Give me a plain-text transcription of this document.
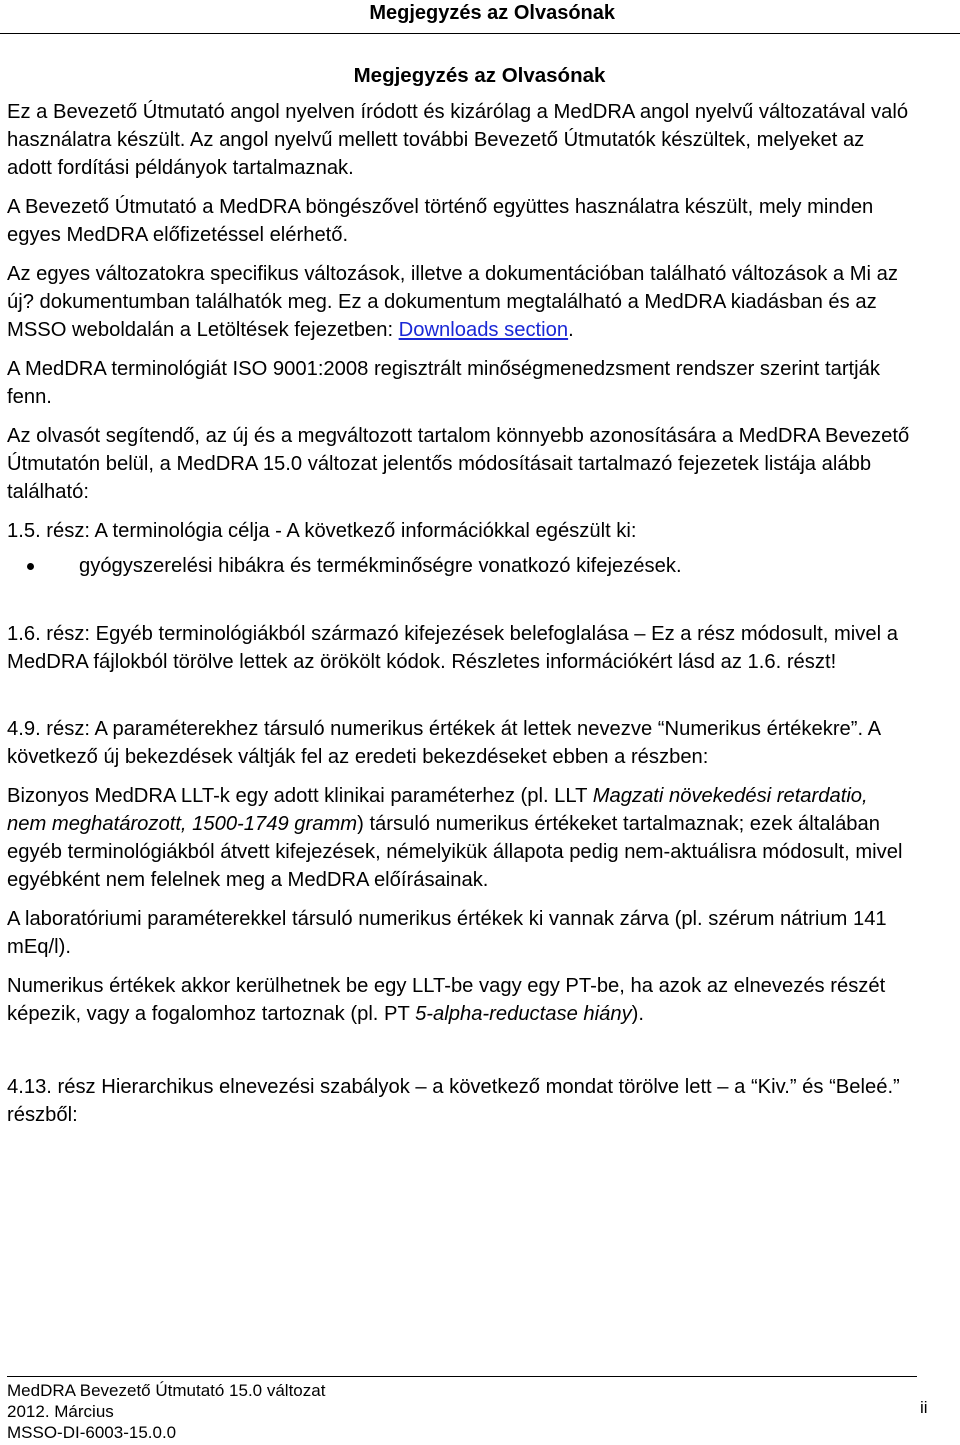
Megjegyzés az Olvasónak
Megjegyzés az Olvasónak

Ez a Bevezető Útmutató angol nyelven íródott és kizárólag a MedDRA angol nyelvű változatával való használatra készült. Az angol nyelvű mellett további Bevezető Útmutatók készültek, melyeket az adott fordítási példányok tartalmaznak.

A Bevezető Útmutató a MedDRA böngészővel történő együttes használatra készült, mely minden egyes MedDRA előfizetéssel elérhető.

Az egyes változatokra specifikus változások, illetve a dokumentációban található változások a Mi az új? dokumentumban találhatók meg. Ez a dokumentum megtalálható a MedDRA kiadásban és az MSSO weboldalán a Letöltések fejezetben: Downloads section.

A MedDRA terminológiát ISO 9001:2008 regisztrált minőségmenedzsment rendszer szerint tartják fenn.

Az olvasót segítendő, az új és a megváltozott tartalom könnyebb azonosítására a MedDRA Bevezető Útmutatón belül, a MedDRA 15.0 változat jelentős módosításait tartalmazó fejezetek listája alább található:

1.5. rész: A terminológia célja - A következő információkkal egészült ki:

gyógyszerelési hibákra és termékminőségre vonatkozó kifejezések.

1.6. rész: Egyéb terminológiákból származó kifejezések belefoglalása – Ez a rész módosult, mivel a MedDRA fájlokból törölve lettek az örökölt kódok. Részletes információkért lásd az 1.6. részt!

4.9. rész: A paraméterekhez társuló numerikus értékek át lettek nevezve “Numerikus értékekre”. A következő új bekezdések váltják fel az eredeti bekezdéseket ebben a részben:

Bizonyos MedDRA LLT-k egy adott klinikai paraméterhez (pl. LLT Magzati növekedési retardatio, nem meghatározott, 1500-1749 gramm) társuló numerikus értékeket tartalmaznak; ezek általában egyéb terminológiákból átvett kifejezések, némelyikük állapota pedig nem-aktuálisra módosult, mivel egyébként nem felelnek meg a MedDRA előírásainak.

A laboratóriumi paraméterekkel társuló numerikus értékek ki vannak zárva (pl. szérum nátrium 141 mEq/l).

Numerikus értékek akkor kerülhetnek be egy LLT-be vagy egy PT-be, ha azok az elnevezés részét képezik, vagy a fogalomhoz tartoznak (pl. PT 5-alpha-reductase hiány).

4.13. rész Hierarchikus elnevezési szabályok – a következő mondat törölve lett – a “Kiv.” és “Beleé.” részből:

MedDRA Bevezető Útmutató 15.0 változat
2012. Március
MSSO-DI-6003-15.0.0
ii
